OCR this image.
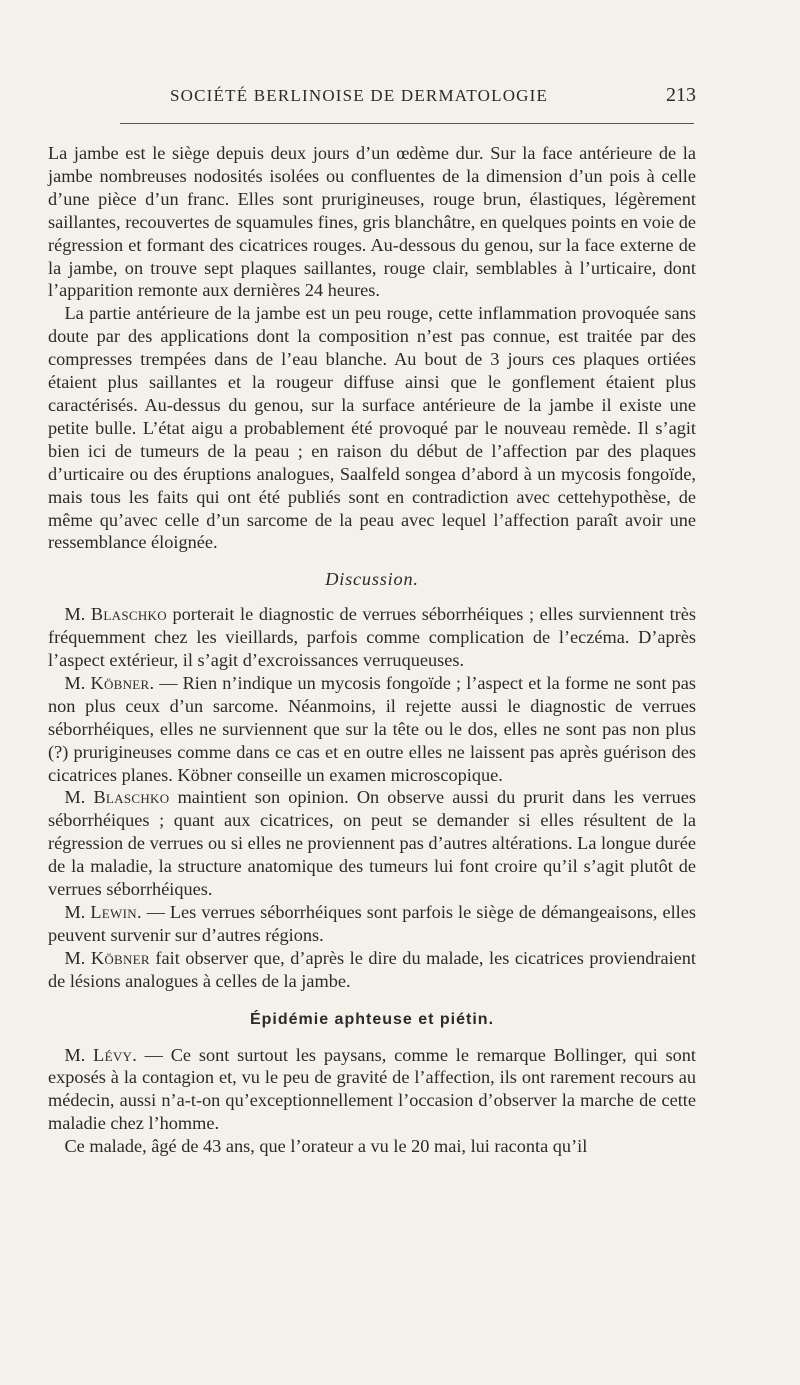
SOCIÉTÉ BERLINOISE DE DERMATOLOGIE	213

La jambe est le siège depuis deux jours d’un œdème dur. Sur la face antérieure de la jambe nombreuses nodosités isolées ou confluentes de la dimension d’un pois à celle d’une pièce d’un franc. Elles sont prurigineuses, rouge brun, élastiques, légèrement saillantes, recouvertes de squamules fines, gris blanchâtre, en quelques points en voie de régression et formant des cicatrices rouges. Au-dessous du genou, sur la face externe de la jambe, on trouve sept plaques saillantes, rouge clair, semblables à l’urticaire, dont l’apparition remonte aux dernières 24 heures.

La partie antérieure de la jambe est un peu rouge, cette inflammation provoquée sans doute par des applications dont la composition n’est pas connue, est traitée par des compresses trempées dans de l’eau blanche. Au bout de 3 jours ces plaques ortiées étaient plus saillantes et la rougeur diffuse ainsi que le gonflement étaient plus caractérisés. Au-dessus du genou, sur la surface antérieure de la jambe il existe une petite bulle. L’état aigu a probablement été provoqué par le nouveau remède. Il s’agit bien ici de tumeurs de la peau ; en raison du début de l’affection par des plaques d’urticaire ou des éruptions analogues, Saalfeld songea d’abord à un mycosis fongoïde, mais tous les faits qui ont été publiés sont en contradiction avec cettehypothèse, de même qu’avec celle d’un sarcome de la peau avec lequel l’affection paraît avoir une ressemblance éloignée.

Discussion.

M. Blaschko porterait le diagnostic de verrues séborrhéiques ; elles surviennent très fréquemment chez les vieillards, parfois comme complication de l’eczéma. D’après l’aspect extérieur, il s’agit d’excroissances verruqueuses.

M. Köbner. — Rien n’indique un mycosis fongoïde ; l’aspect et la forme ne sont pas non plus ceux d’un sarcome. Néanmoins, il rejette aussi le diagnostic de verrues séborrhéiques, elles ne surviennent que sur la tête ou le dos, elles ne sont pas non plus (?) prurigineuses comme dans ce cas et en outre elles ne laissent pas après guérison des cicatrices planes. Köbner conseille un examen microscopique.

M. Blaschko maintient son opinion. On observe aussi du prurit dans les verrues séborrhéiques ; quant aux cicatrices, on peut se demander si elles résultent de la régression de verrues ou si elles ne proviennent pas d’autres altérations. La longue durée de la maladie, la structure anatomique des tumeurs lui font croire qu’il s’agit plutôt de verrues séborrhéiques.

M. Lewin. — Les verrues séborrhéiques sont parfois le siège de démangeaisons, elles peuvent survenir sur d’autres régions.

M. Köbner fait observer que, d’après le dire du malade, les cicatrices proviendraient de lésions analogues à celles de la jambe.

Épidémie aphteuse et piétin.

M. Lévy. — Ce sont surtout les paysans, comme le remarque Bollinger, qui sont exposés à la contagion et, vu le peu de gravité de l’affection, ils ont rarement recours au médecin, aussi n’a-t-on qu’exceptionnellement l’occasion d’observer la marche de cette maladie chez l’homme.

Ce malade, âgé de 43 ans, que l’orateur a vu le 20 mai, lui raconta qu’il
